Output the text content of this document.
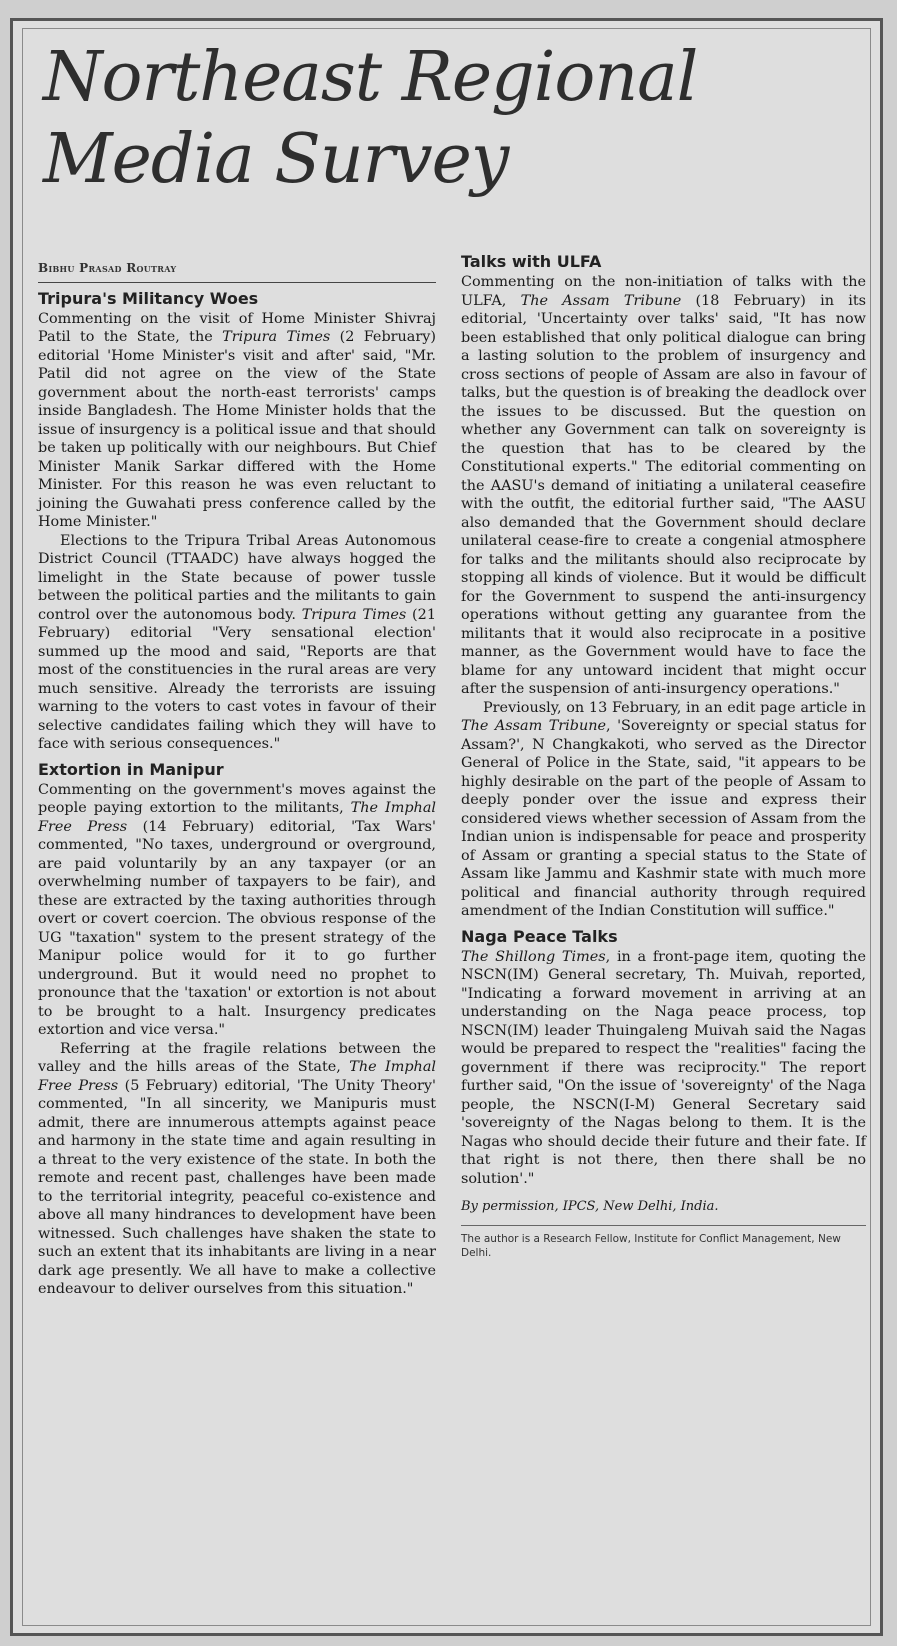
Northeast Regional
Media Survey
Bibhu Prasad Routray
Tripura's Militancy Woes

Commenting on the visit of Home Minister Shivraj Patil to the State, the Tripura Times (2 February) editorial 'Home Minister's visit and after' said, "Mr. Patil did not agree on the view of the State government about the north-east terrorists' camps inside Bangladesh. The Home Minister holds that the issue of insurgency is a political issue and that should be taken up politically with our neighbours. But Chief Minister Manik Sarkar differed with the Home Minister. For this reason he was even reluctant to joining the Guwahati press conference called by the Home Minister."

Elections to the Tripura Tribal Areas Autonomous District Council (TTAADC) have always hogged the limelight in the State because of power tussle between the political parties and the militants to gain control over the autonomous body. Tripura Times (21 February) editorial "Very sensational election' summed up the mood and said, "Reports are that most of the constituencies in the rural areas are very much sensitive. Already the terrorists are issuing warning to the voters to cast votes in favour of their selective candidates failing which they will have to face with serious consequences."

Extortion in Manipur

Commenting on the government's moves against the people paying extortion to the militants, The Imphal Free Press (14 February) editorial, 'Tax Wars' commented, "No taxes, underground or overground, are paid voluntarily by an any taxpayer (or an overwhelming number of taxpayers to be fair), and these are extracted by the taxing authorities through overt or covert coercion. The obvious response of the UG "taxation" system to the present strategy of the Manipur police would for it to go further underground. But it would need no prophet to pronounce that the 'taxation' or extortion is not about to be brought to a halt. Insurgency predicates extortion and vice versa."

Referring at the fragile relations between the valley and the hills areas of the State, The Imphal Free Press (5 February) editorial, 'The Unity Theory' commented, "In all sincerity, we Manipuris must admit, there are innumerous attempts against peace and harmony in the state time and again resulting in a threat to the very existence of the state. In both the remote and recent past, challenges have been made to the territorial integrity, peaceful co-existence and above all many hindrances to development have been witnessed. Such challenges have shaken the state to such an extent that its inhabitants are living in a near dark age presently. We all have to make a collective endeavour to deliver ourselves from this situation."

Talks with ULFA

Commenting on the non-initiation of talks with the ULFA, The Assam Tribune (18 February) in its editorial, 'Uncertainty over talks' said, "It has now been established that only political dialogue can bring a lasting solution to the problem of insurgency and cross sections of people of Assam are also in favour of talks, but the question is of breaking the deadlock over the issues to be discussed. But the question on whether any Government can talk on sovereignty is the question that has to be cleared by the Constitutional experts." The editorial commenting on the AASU's demand of initiating a unilateral ceasefire with the outfit, the editorial further said, "The AASU also demanded that the Government should declare unilateral cease-fire to create a congenial atmosphere for talks and the militants should also reciprocate by stopping all kinds of violence. But it would be difficult for the Government to suspend the anti-insurgency operations without getting any guarantee from the militants that it would also reciprocate in a positive manner, as the Government would have to face the blame for any untoward incident that might occur after the suspension of anti-insurgency operations."

Previously, on 13 February, in an edit page article in The Assam Tribune, 'Sovereignty or special status for Assam?', N Changkakoti, who served as the Director General of Police in the State, said, "it appears to be highly desirable on the part of the people of Assam to deeply ponder over the issue and express their considered views whether secession of Assam from the Indian union is indispensable for peace and prosperity of Assam or granting a special status to the State of Assam like Jammu and Kashmir state with much more political and financial authority through required amendment of the Indian Constitution will suffice."

Naga Peace Talks

The Shillong Times, in a front-page item, quoting the NSCN(IM) General secretary, Th. Muivah, reported, "Indicating a forward movement in arriving at an understanding on the Naga peace process, top NSCN(IM) leader Thuingaleng Muivah said the Nagas would be prepared to respect the "realities" facing the government if there was reciprocity." The report further said, "On the issue of 'sovereignty' of the Naga people, the NSCN(I-M) General Secretary said 'sovereignty of the Nagas belong to them. It is the Nagas who should decide their future and their fate. If that right is not there, then there shall be no solution'."

By permission, IPCS, New Delhi, India.
The author is a Research Fellow, Institute for Conflict Management, New Delhi.
